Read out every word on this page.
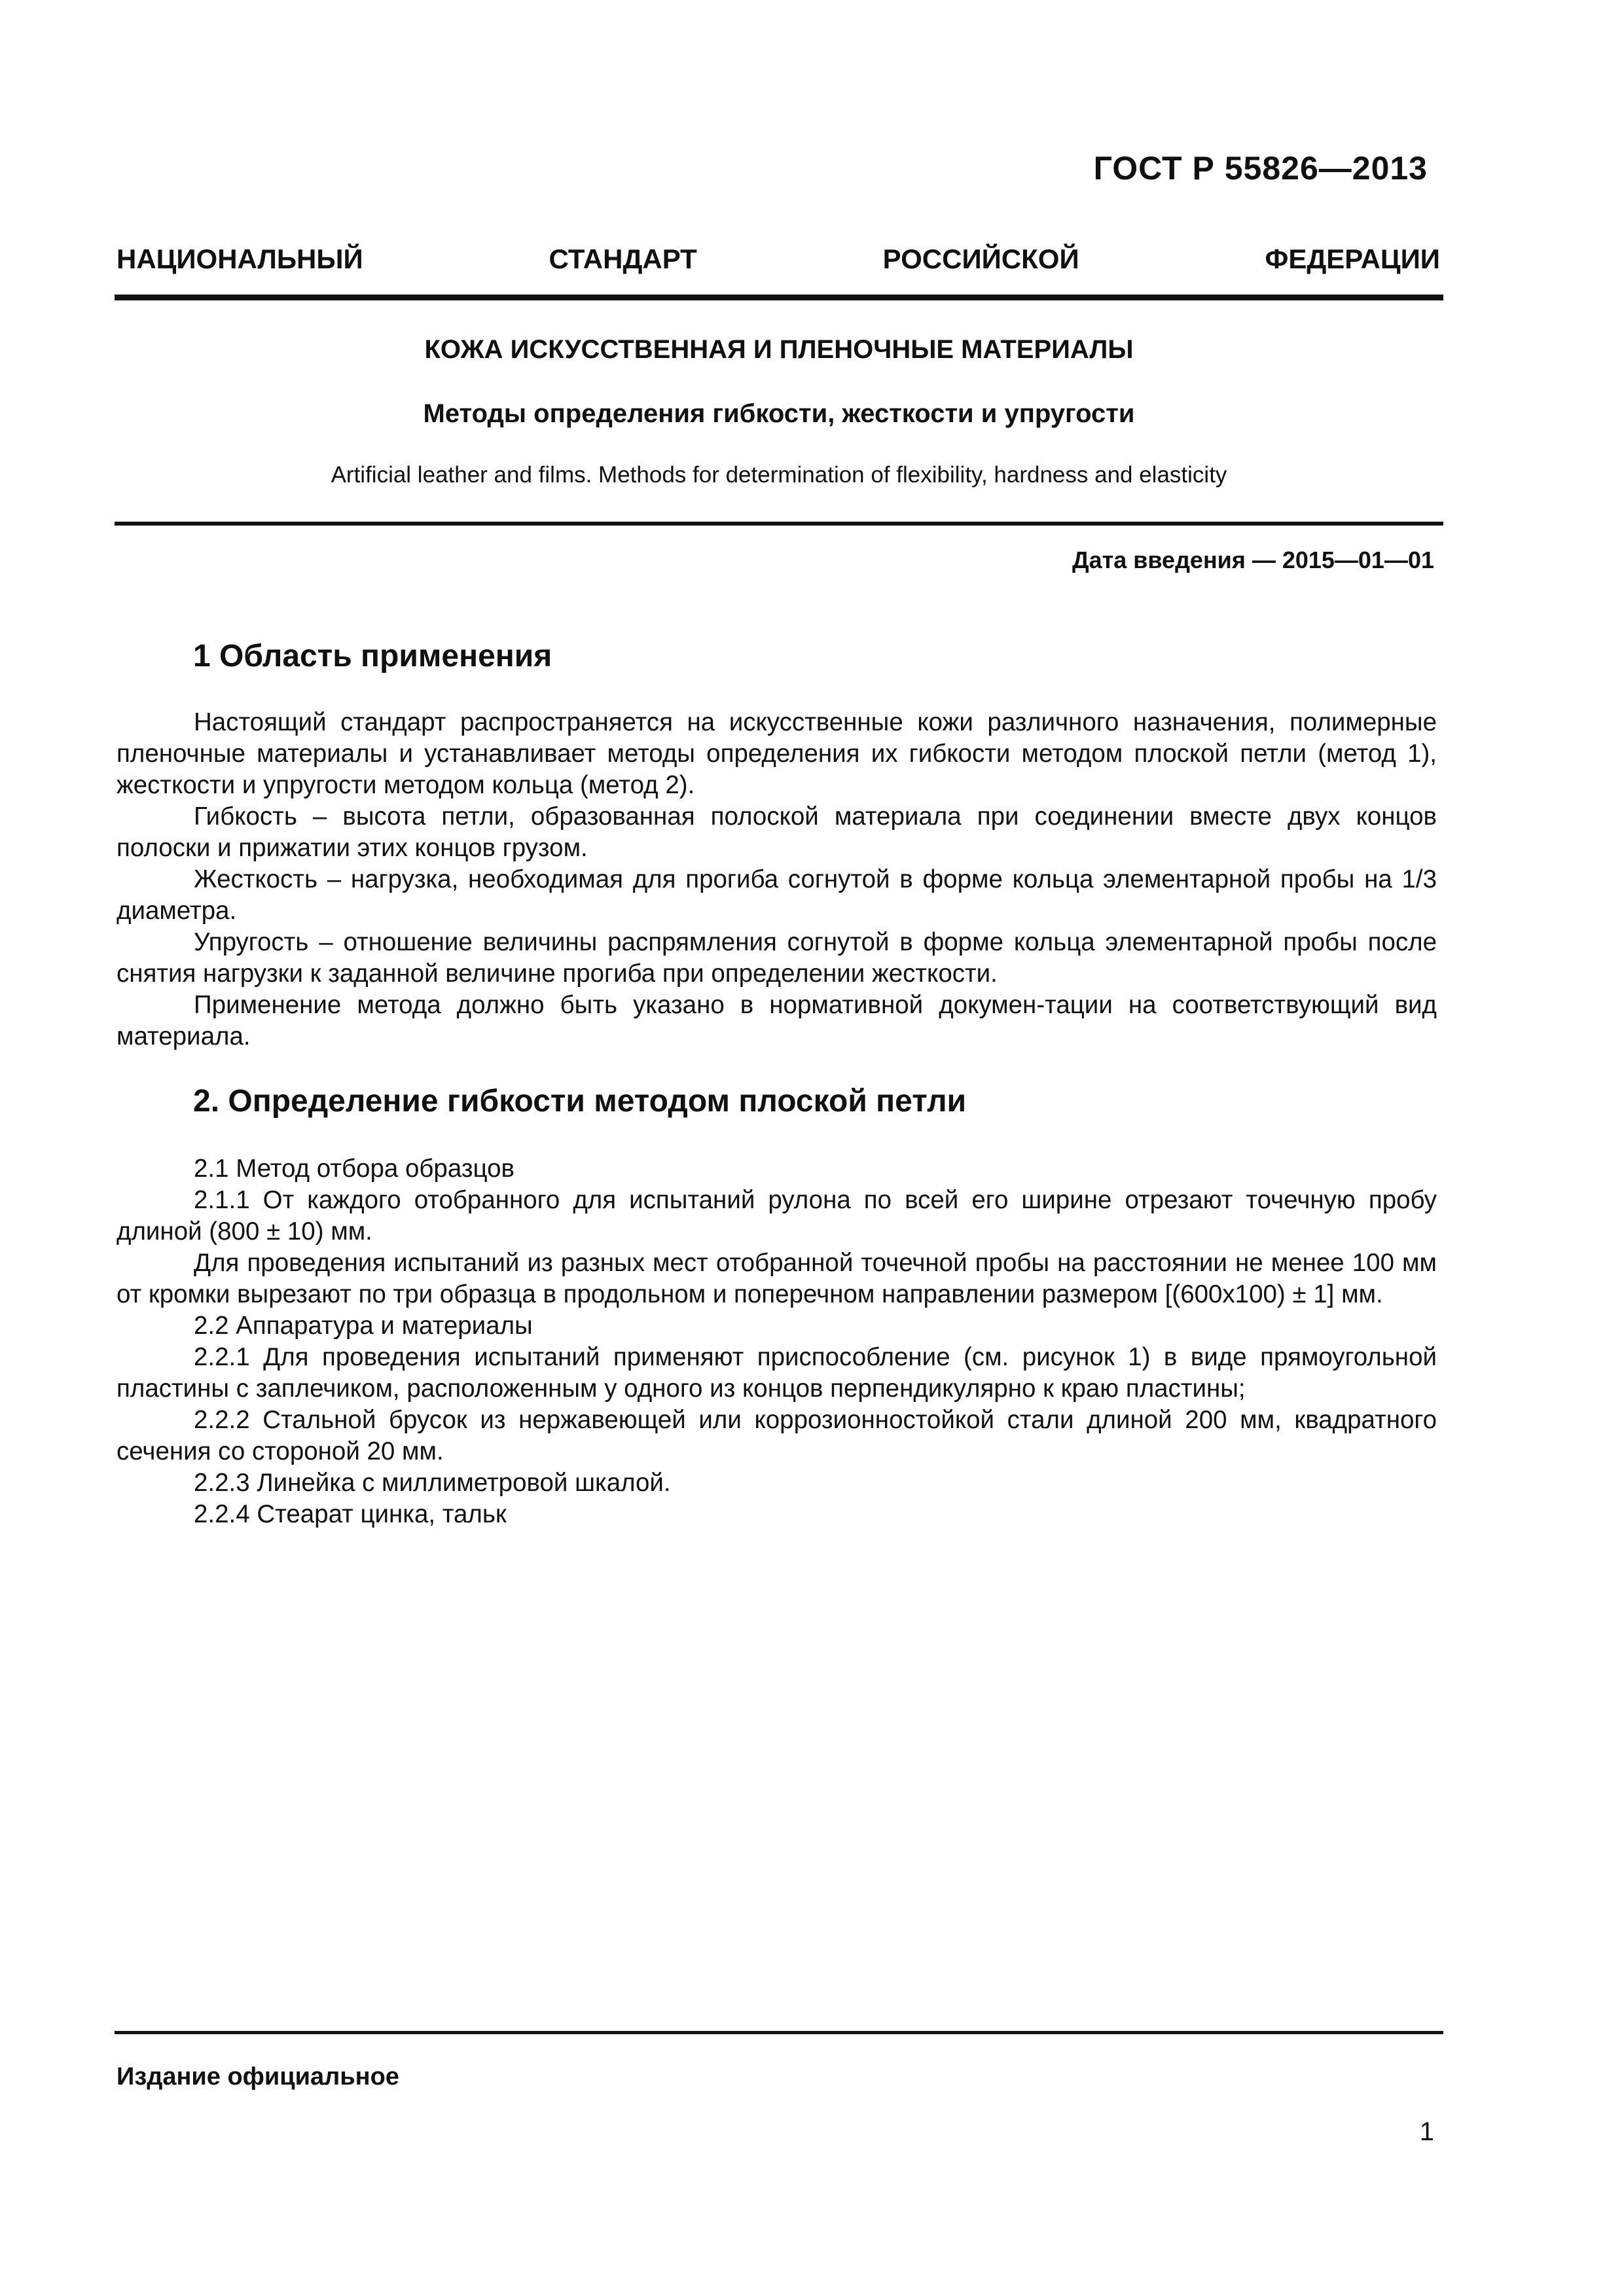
ГОСТ Р 55826—2013
НАЦИОНАЛЬНЫЙ	СТАНДАРТ	РОССИЙСКОЙ	ФЕДЕРАЦИИ
КОЖА ИСКУССТВЕННАЯ И ПЛЕНОЧНЫЕ МАТЕРИАЛЫ
Методы определения гибкости, жесткости и упругости
Artificial leather and films. Methods for determination of flexibility, hardness and elasticity
Дата введения — 2015—01—01
1 Область применения

Настоящий стандарт распространяется на искусственные кожи различного назначения, полимерные пленочные материалы и устанавливает методы определения их гибкости методом плоской петли (метод 1), жесткости и упругости методом кольца (метод 2).

Гибкость – высота петли, образованная полоской материала при соединении вместе двух концов полоски и прижатии этих концов грузом.

Жесткость – нагрузка, необходимая для прогиба согнутой в форме кольца элементарной пробы на 1/3 диаметра.

Упругость – отношение величины распрямления согнутой в форме кольца элементарной пробы после снятия нагрузки к заданной величине прогиба при определении жесткости.

Применение метода должно быть указано в нормативной докумен-тации на соответствующий вид материала.

2. Определение гибкости методом плоской петли

2.1 Метод отбора образцов

2.1.1 От каждого отобранного для испытаний рулона по всей его ширине отрезают точечную пробу длиной (800 ± 10) мм.

Для проведения испытаний из разных мест отобранной точечной пробы на расстоянии не менее 100 мм от кромки вырезают по три образца в продольном и поперечном направлении размером [(600х100) ± 1] мм.

2.2 Аппаратура и материалы

2.2.1 Для проведения испытаний применяют приспособление (см. рисунок 1) в виде прямоугольной пластины с заплечиком, расположенным у одного из концов перпендикулярно к краю пластины;

2.2.2 Стальной брусок из нержавеющей или коррозионностойкой стали длиной 200 мм, квадратного сечения со стороной 20 мм.

2.2.3 Линейка с миллиметровой шкалой.

2.2.4 Стеарат цинка, тальк

Издание официальное
1
